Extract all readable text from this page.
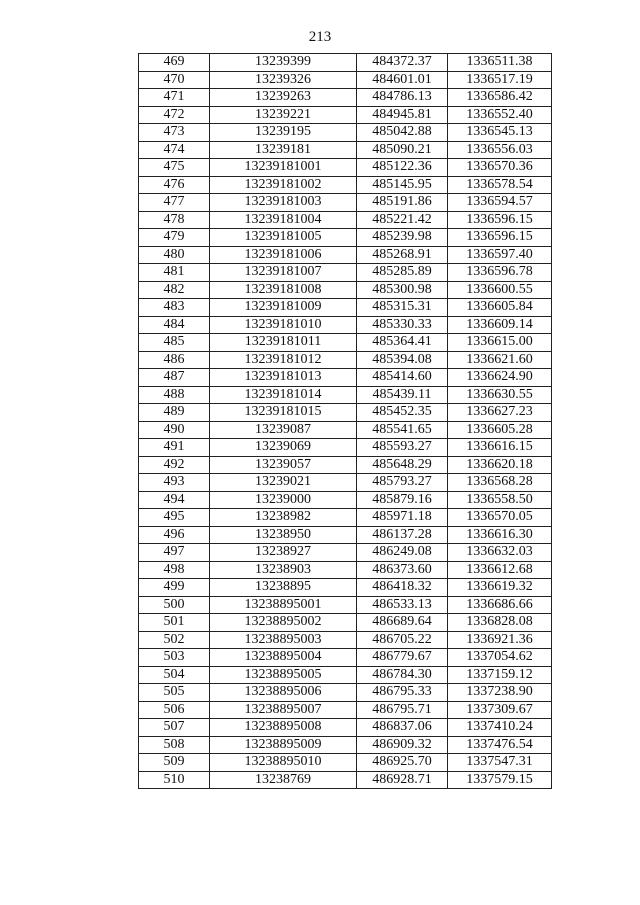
213
469	13239399	484372.37	1336511.38
470	13239326	484601.01	1336517.19
471	13239263	484786.13	1336586.42
472	13239221	484945.81	1336552.40
473	13239195	485042.88	1336545.13
474	13239181	485090.21	1336556.03
475	13239181001	485122.36	1336570.36
476	13239181002	485145.95	1336578.54
477	13239181003	485191.86	1336594.57
478	13239181004	485221.42	1336596.15
479	13239181005	485239.98	1336596.15
480	13239181006	485268.91	1336597.40
481	13239181007	485285.89	1336596.78
482	13239181008	485300.98	1336600.55
483	13239181009	485315.31	1336605.84
484	13239181010	485330.33	1336609.14
485	13239181011	485364.41	1336615.00
486	13239181012	485394.08	1336621.60
487	13239181013	485414.60	1336624.90
488	13239181014	485439.11	1336630.55
489	13239181015	485452.35	1336627.23
490	13239087	485541.65	1336605.28
491	13239069	485593.27	1336616.15
492	13239057	485648.29	1336620.18
493	13239021	485793.27	1336568.28
494	13239000	485879.16	1336558.50
495	13238982	485971.18	1336570.05
496	13238950	486137.28	1336616.30
497	13238927	486249.08	1336632.03
498	13238903	486373.60	1336612.68
499	13238895	486418.32	1336619.32
500	13238895001	486533.13	1336686.66
501	13238895002	486689.64	1336828.08
502	13238895003	486705.22	1336921.36
503	13238895004	486779.67	1337054.62
504	13238895005	486784.30	1337159.12
505	13238895006	486795.33	1337238.90
506	13238895007	486795.71	1337309.67
507	13238895008	486837.06	1337410.24
508	13238895009	486909.32	1337476.54
509	13238895010	486925.70	1337547.31
510	13238769	486928.71	1337579.15
